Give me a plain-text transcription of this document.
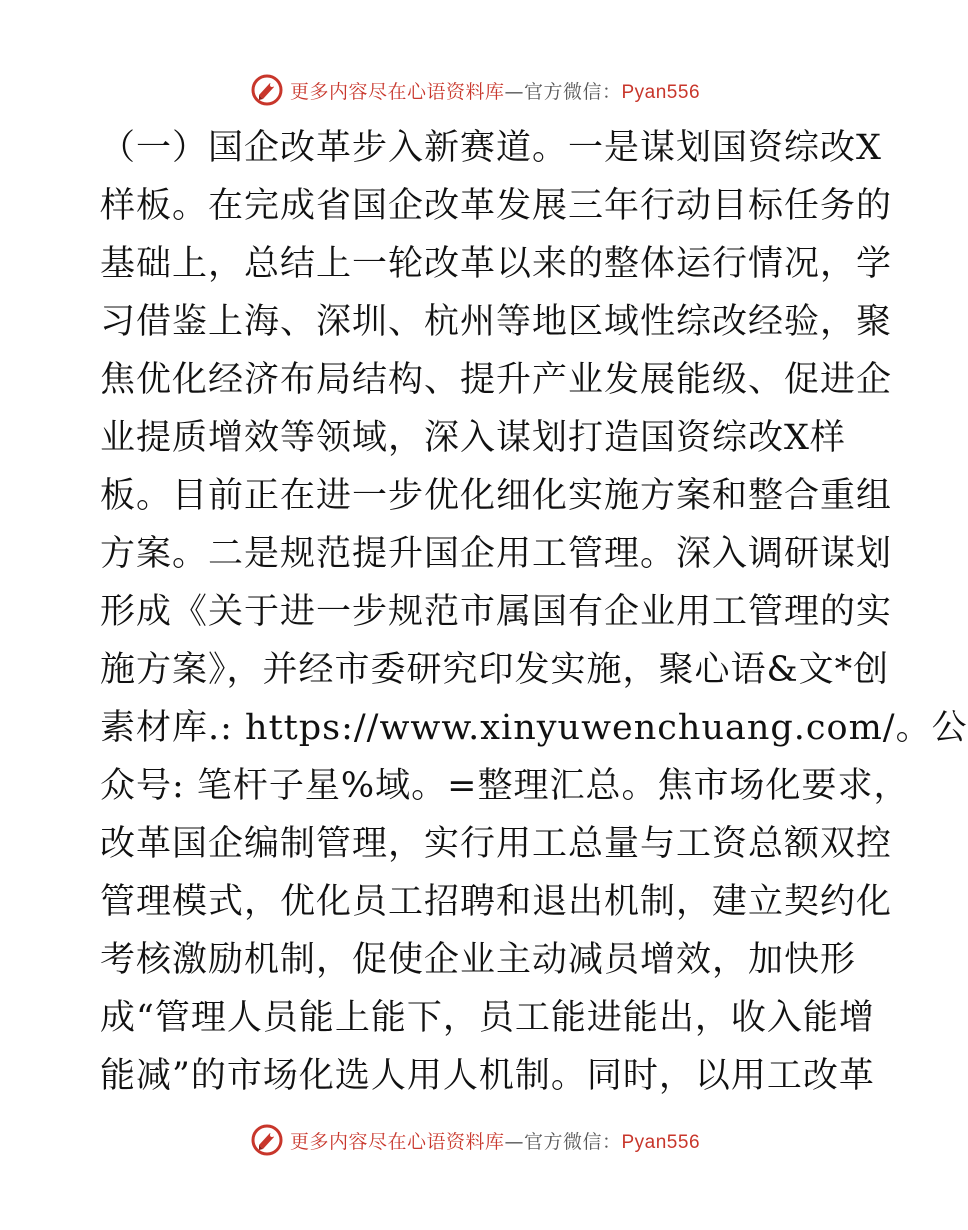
更多内容尽在心语资料库—官方微信：Pyan556
（一）国企改革步入新赛道。一是谋划国资综改X
样板。在完成省国企改革发展三年行动目标任务的
基础上，总结上一轮改革以来的整体运行情况，学
习借鉴上海、深圳、杭州等地区域性综改经验，聚
焦优化经济布局结构、提升产业发展能级、促进企
业提质增效等领域，深入谋划打造国资综改X样
板。目前正在进一步优化细化实施方案和整合重组
方案。二是规范提升国企用工管理。深入调研谋划
形成《关于进一步规范市属国有企业用工管理的实
施方案》，并经市委研究印发实施，聚心语&文*创
素材库.: https://www.xinyuwenchuang.com/。公
众号: 笔杆子星%域。=整理汇总。焦市场化要求，
改革国企编制管理，实行用工总量与工资总额双控
管理模式，优化员工招聘和退出机制，建立契约化
考核激励机制，促使企业主动减员增效，加快形
成“管理人员能上能下，员工能进能出，收入能增
能减”的市场化选人用人机制。同时，以用工改革
更多内容尽在心语资料库—官方微信：Pyan556
